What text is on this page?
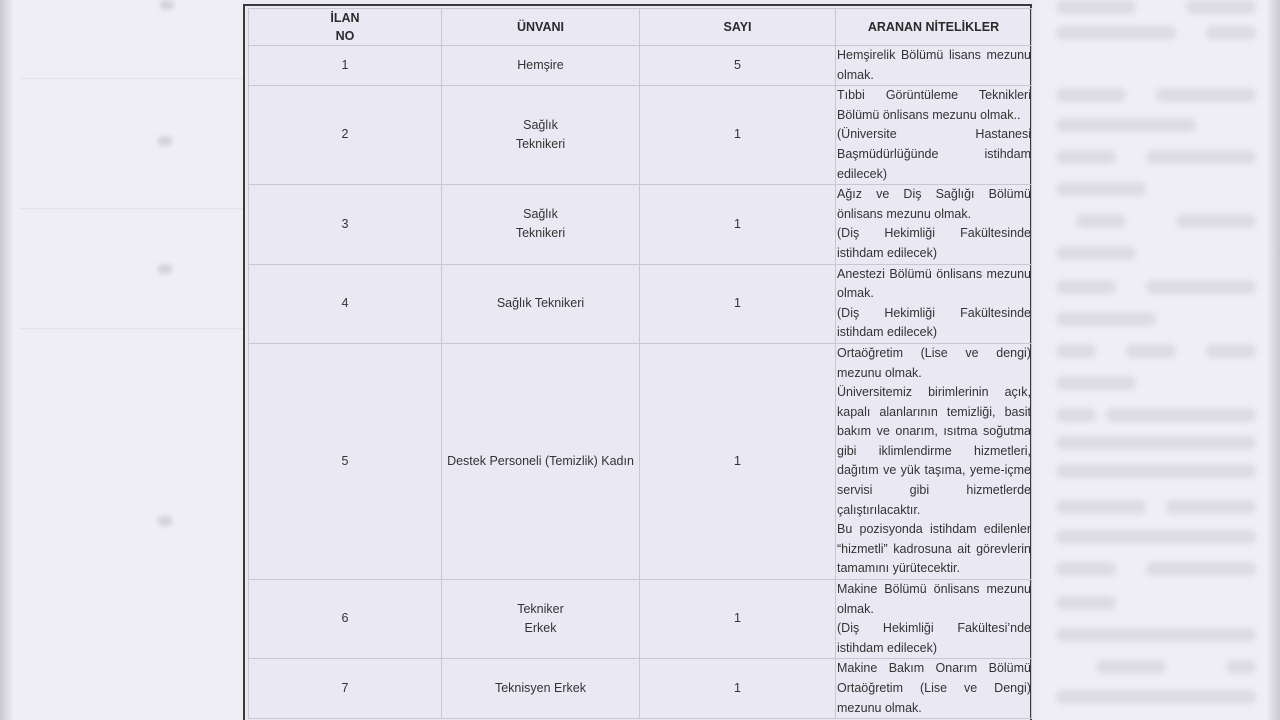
İLAN
NO	ÜNVANI	SAYI	ARANAN NİTELİKLER
1	Hemşire	5	Hemşirelik Bölümü lisans mezunu olmak.

2	Sağlık
Teknikeri	1	Tıbbi Görüntüleme Teknikleri Bölümü önlisans mezunu olmak..
(Üniversite Hastanesi Başmüdürlüğünde istihdam edilecek)

3	Sağlık
Teknikeri	1	Ağız ve Diş Sağlığı Bölümü önlisans mezunu olmak.
(Diş Hekimliği Fakültesinde istihdam edilecek)

4	Sağlık Teknikeri	1	Anestezi Bölümü önlisans mezunu olmak.
(Diş Hekimliği Fakültesinde istihdam edilecek)

5	Destek Personeli (Temizlik) Kadın	1	Ortaöğretim (Lise ve dengi) mezunu olmak.
Üniversitemiz birimlerinin açık, kapalı alanlarının temizliği, basit bakım ve onarım, ısıtma soğutma gibi iklimlendirme hizmetleri, dağıtım ve yük taşıma, yeme-içme servisi gibi hizmetlerde çalıştırılacaktır.
Bu pozisyonda istihdam edilenler “hizmetli” kadrosuna ait görevlerin tamamını yürütecektir.

6	Tekniker
Erkek	1	Makine Bölümü önlisans mezunu olmak.
(Diş Hekimliği Fakültesi’nde istihdam edilecek)

7	Teknisyen Erkek	1	Makine Bakım Onarım Bölümü Ortaöğretim (Lise ve Dengi) mezunu olmak.
